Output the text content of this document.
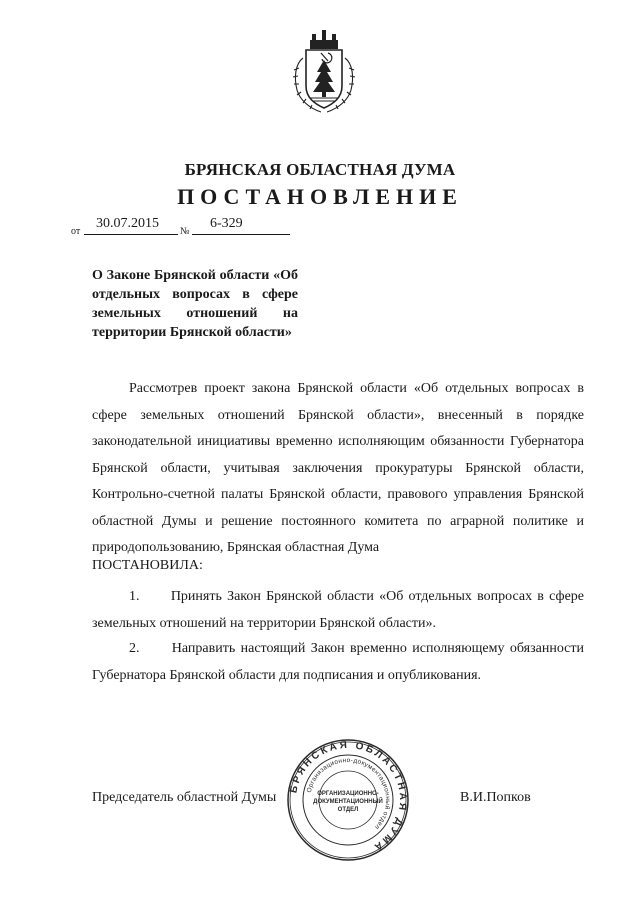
БРЯНСКАЯ ОБЛАСТНАЯ ДУМА
ПОСТАНОВЛЕНИЕ
от
30.07.2015
№
6-329
О Законе Брянской области «Об отдельных вопросах в сфере земельных отношений на территории Брянской области»
Рассмотрев проект закона Брянской области «Об отдельных вопросах в сфере земельных отношений Брянской области», внесенный в порядке законодательной инициативы временно исполняющим обязанности Губернатора Брянской области, учитывая заключения прокуратуры Брянской области, Контрольно-счетной палаты Брянской области, правового управления Брянской областной Думы и решение постоянного комитета по аграрной политике и природопользованию, Брянская областная Дума
ПОСТАНОВИЛА:
1. Принять Закон Брянской области «Об отдельных вопросах в сфере земельных отношений на территории Брянской области».
2. Направить настоящий Закон временно исполняющему обязанности Губернатора Брянской области для подписания и опубликования.
Председатель областной Думы	В.И.Попков
БРЯНСКАЯ ОБЛАСТНАЯ ДУМА
Организационно-документационный отдел
ОРГАНИЗАЦИОННО-
ДОКУМЕНТАЦИОННЫЙ
ОТДЕЛ
